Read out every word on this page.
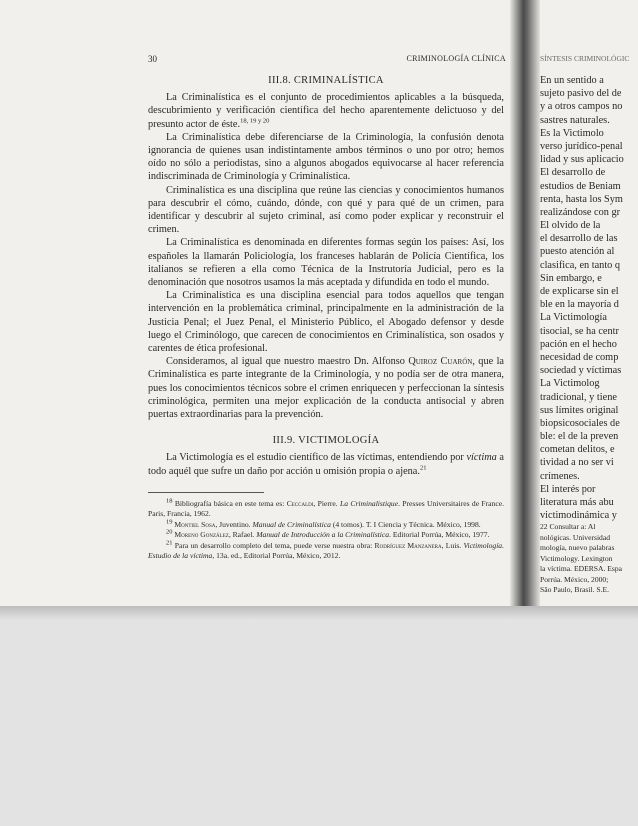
30	CRIMINOLOGÍA CLÍNICA
III.8. CRIMINALÍSTICA

La Criminalística es el conjunto de procedimientos aplicables a la búsqueda, descubrimiento y verificación científica del hecho aparentemente delictuoso y del presunto actor de éste.$^{18, 19 y 20}$

La Criminalística debe diferenciarse de la Criminología, la confusión denota ignorancia de quienes usan indistintamente ambos términos o uno por otro; hemos oído no sólo a periodistas, sino a algunos abogados equivocarse al hacer referencia indiscriminada de Criminología y Criminalística.

Criminalística es una disciplina que reúne las ciencias y conocimientos humanos para descubrir el cómo, cuándo, dónde, con qué y para qué de un crimen, para identificar y descubrir al sujeto criminal, así como poder explicar y reconstruir el crimen.

La Criminalística es denominada en diferentes formas según los países: Así, los españoles la llamarán Policiología, los franceses hablarán de Policía Científica, los italianos se refieren a ella como Técnica de la Instrutoría Judicial, pero es la denominación que nosotros usamos la más aceptada y difundida en todo el mundo.

La Criminalística es una disciplina esencial para todos aquellos que tengan intervención en la problemática criminal, principalmente en la administración de la Justicia Penal; el Juez Penal, el Ministerio Público, el Abogado defensor y desde luego el Criminólogo, que carecen de conocimientos en Criminalística, son osados y carentes de ética profesional.

Consideramos, al igual que nuestro maestro Dn. Alfonso Quiroz Cuarón, que la Criminalística es parte integrante de la Criminología, y no podía ser de otra manera, pues los conocimientos técnicos sobre el crimen enriquecen y perfeccionan la síntesis criminológica, permiten una mejor explicación de la conducta antisocial y abren puertas extraordinarias para la prevención.

III.9. VICTIMOLOGÍA

La Victimología es el estudio científico de las víctimas, entendiendo por víctima a todo aquél que sufre un daño por acción u omisión propia o ajena.$^{21}$

18 Bibliografía básica en este tema es: Ceccaldi, Pierre. La Criminalistique. Presses Universitaires de France. Paris, Francia, 1962.

19 Montiel Sosa, Juventino. Manual de Criminalística (4 tomos). T. I Ciencia y Técnica. México, 1998.

20 Moreno González, Rafael. Manual de Introducción a la Criminalística. Editorial Porrúa, México, 1977.

21 Para un desarrollo completo del tema, puede verse nuestra obra: Rodríguez Manzanera, Luis. Victimología. Estudio de la víctima, 13a. ed., Editorial Porrúa, México, 2012.

SÍNTESIS CRIMINOLÓGIC
En un sentido a
sujeto pasivo del de
y a otros campos no
sastres naturales.
Es la Victimolo
verso jurídico-penal
lidad y sus aplicacio
El desarrollo de
estudios de Beniam
renta, hasta los Sym
realizándose con gr
El olvido de la
el desarrollo de las
puesto atención al
clasifica, en tanto q
Sin embargo, e
de explicarse sin el
ble en la mayoría d
La Victimología
tisocial, se ha centr
pación en el hecho
necesidad de comp
sociedad y víctimas
La Victimolog
tradicional, y tiene
sus límites original
biopsicosociales de
ble: el de la preven
cometan delitos, e
tividad a no ser vi
crímenes.
El interés por
literatura más abu
victimodinámica y
22 Consultar a: Al
nológicas. Universidad
mología, nuevo palabras
Victimology. Lexington
la víctima. EDERSA. Espa
Porrúa. México, 2000;
São Paulo, Brasil. S.E.
